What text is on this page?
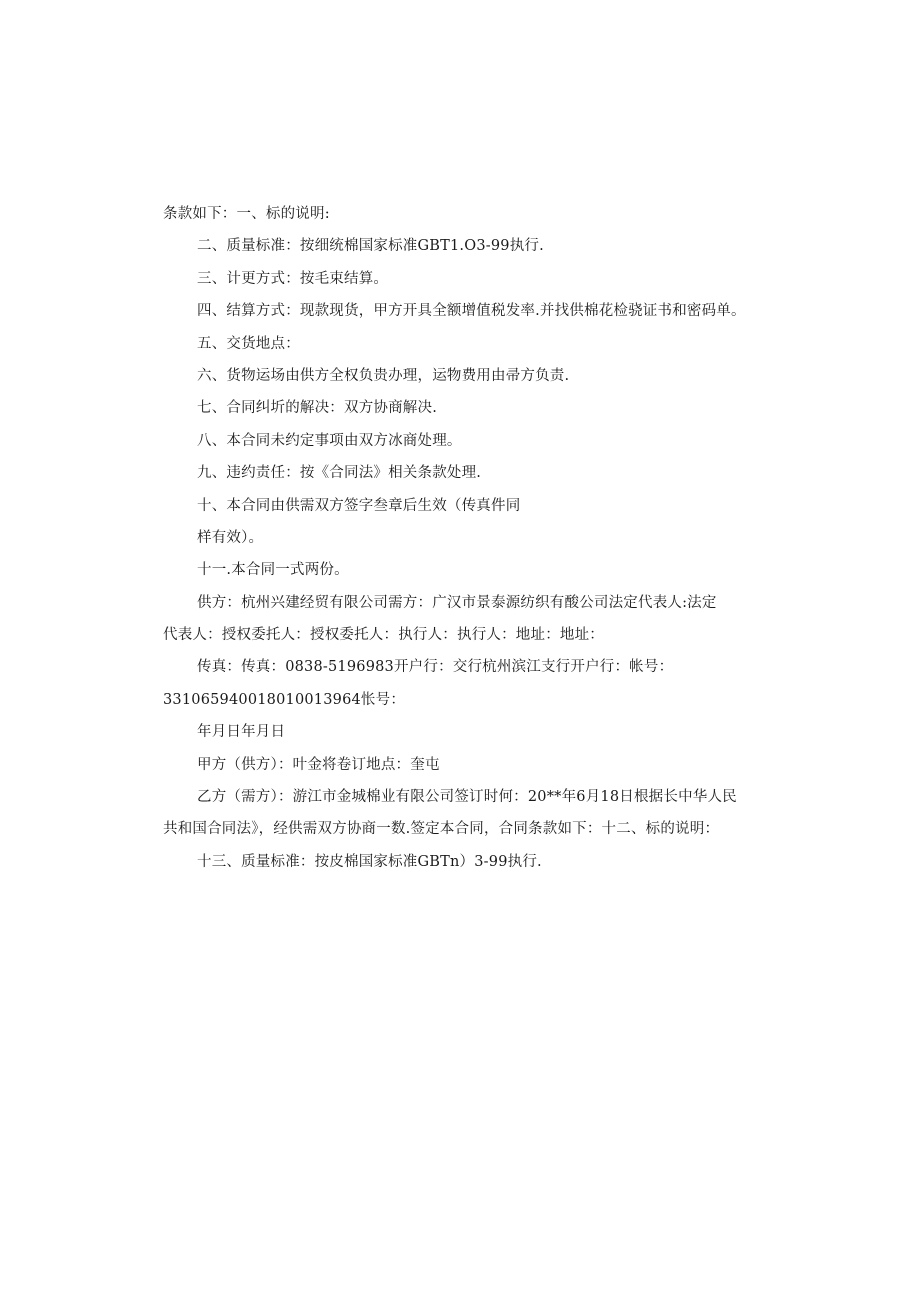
条款如下：一、标的说明:
二、质量标准：按细统棉国家标准GBT1.O3-99执行.
三、计更方式：按毛束结算。
四、结算方式：现款现货，甲方开具全额增值税发率.并找供棉花检骁证书和密码单。
五、交货地点：
六、货物运场由供方全权负贵办理，运物费用由帚方负责.
七、合同纠圻的解决：双方协商解决.
八、本合同未约定事项由双方冰商处理。
九、违约责任：按《合同法》相关条款处理.
十、本合同由供需双方签字叁章后生效（传真件同
样有效）。
十一.本合同一式两份。
供方：杭州兴建经贸有限公司需方：广汉市景泰源纺织有酸公司法定代表人:法定
代表人：授权委托人：授权委托人：执行人：执行人：地址：地址：
传真：传真：0838-5196983开户行：交行杭州滨江支行开户行：帐号：
331065940018010013964怅号：
年月日年月日
甲方（供方）：叶金将卷订地点：奎屯
乙方（需方）：游江市金城棉业有限公司签订时何：20**年6月18日根据长中华人民
共和国合同法》，经供需双方协商一数.签定本合同，合同条款如下：十二、标的说明：
十三、质量标准：按皮棉国家标准GBTn）3-99执行.
